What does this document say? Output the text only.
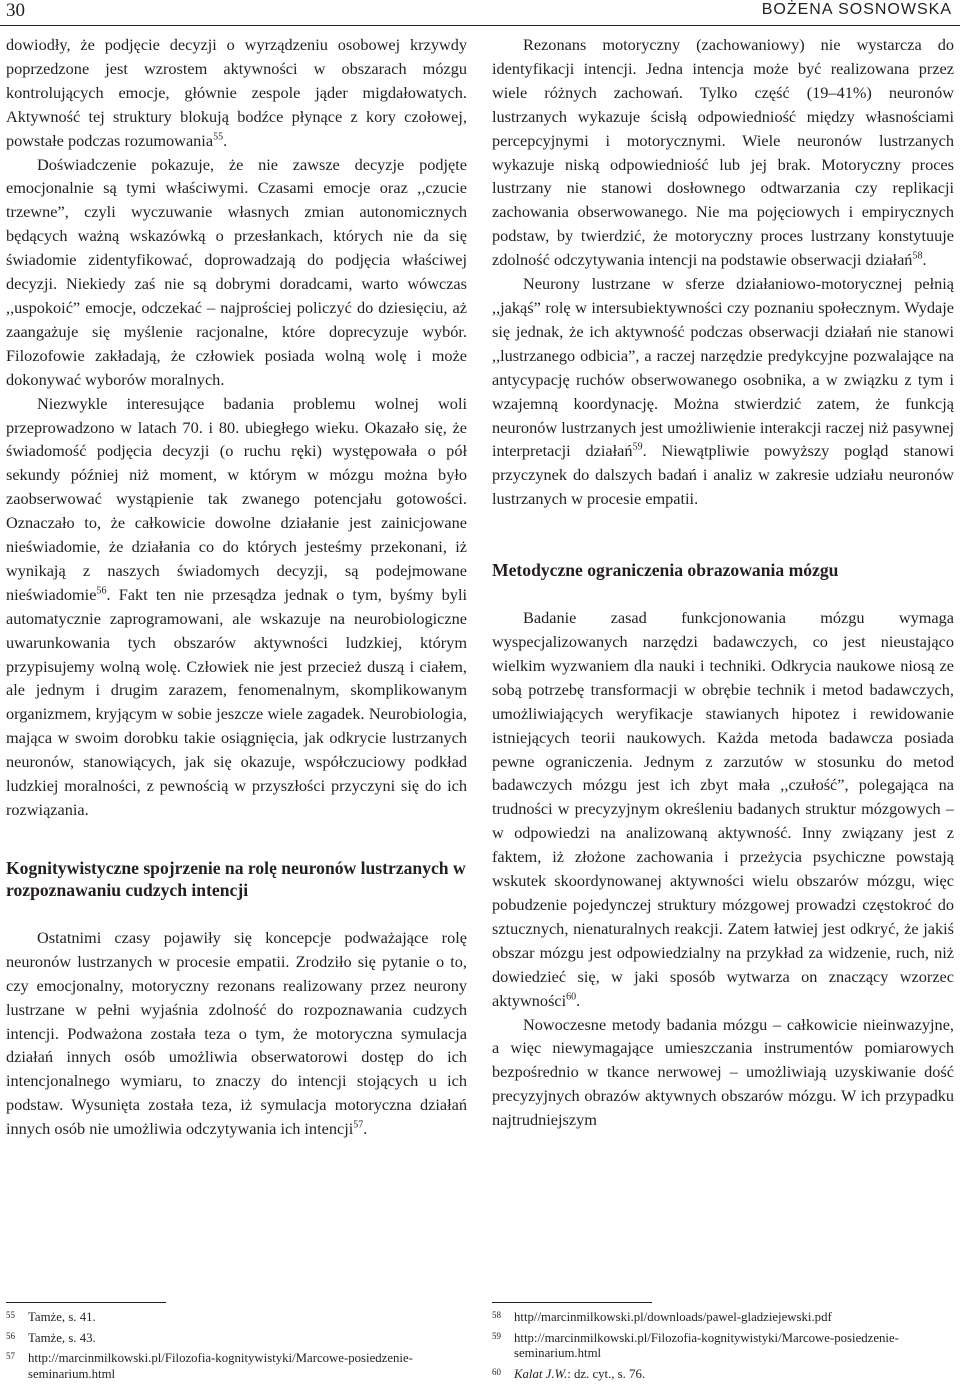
30	BOŻENA SOSNOWSKA

dowiodły, że podjęcie decyzji o wyrządzeniu osobowej krzywdy poprzedzone jest wzrostem aktywności w obszarach mózgu kontrolujących emocje, głównie zespole jąder migdałowatych. Aktywność tej struktury blokują bodźce płynące z kory czołowej, powstałe podczas rozumowania$^{55}$.

Doświadczenie pokazuje, że nie zawsze decyzje podjęte emocjonalnie są tymi właściwymi. Czasami emocje oraz ,,czucie trzewne”, czyli wyczuwanie własnych zmian autonomicznych będących ważną wskazówką o przesłankach, których nie da się świadomie zidentyfikować, doprowadzają do podjęcia właściwej decyzji. Niekiedy zaś nie są dobrymi doradcami, warto wówczas ,,uspokoić” emocje, odczekać – najprościej policzyć do dziesięciu, aż zaangażuje się myślenie racjonalne, które doprecyzuje wybór. Filozofowie zakładają, że człowiek posiada wolną wolę i może dokonywać wyborów moralnych.

Niezwykle interesujące badania problemu wolnej woli przeprowadzono w latach 70. i 80. ubiegłego wieku. Okazało się, że świadomość podjęcia decyzji (o ruchu ręki) występowała o pół sekundy później niż moment, w którym w mózgu można było zaobserwować wystąpienie tak zwanego potencjału gotowości. Oznaczało to, że całkowicie dowolne działanie jest zainicjowane nieświadomie, że działania co do których jesteśmy przekonani, iż wynikają z naszych świadomych decyzji, są podejmowane nieświadomie$^{56}$. Fakt ten nie przesądza jednak o tym, byśmy byli automatycznie zaprogramowani, ale wskazuje na neurobiologiczne uwarunkowania tych obszarów aktywności ludzkiej, którym przypisujemy wolną wolę. Człowiek nie jest przecież duszą i ciałem, ale jednym i drugim zarazem, fenomenalnym, skomplikowanym organizmem, kryjącym w sobie jeszcze wiele zagadek. Neurobiologia, mająca w swoim dorobku takie osiągnięcia, jak odkrycie lustrzanych neuronów, stanowiących, jak się okazuje, współczuciowy podkład ludzkiej moralności, z pewnością w przyszłości przyczyni się do ich rozwiązania.

Kognitywistyczne spojrzenie na rolę neuronów lustrzanych w rozpoznawaniu cudzych intencji

Ostatnimi czasy pojawiły się koncepcje podważające rolę neuronów lustrzanych w procesie empatii. Zrodziło się pytanie o to, czy emocjonalny, motoryczny rezonans realizowany przez neurony lustrzane w pełni wyjaśnia zdolność do rozpoznawania cudzych intencji. Podważona została teza o tym, że motoryczna symulacja działań innych osób umożliwia obserwatorowi dostęp do ich intencjonalnego wymiaru, to znaczy do intencji stojących u ich podstaw. Wysunięta została teza, iż symulacja motoryczna działań innych osób nie umożliwia odczytywania ich intencji$^{57}$.

Rezonans motoryczny (zachowaniowy) nie wystarcza do identyfikacji intencji. Jedna intencja może być realizowana przez wiele różnych zachowań. Tylko część (19–41%) neuronów lustrzanych wykazuje ścisłą odpowiedniość między własnościami percepcyjnymi i motorycznymi. Wiele neuronów lustrzanych wykazuje niską odpowiedniość lub jej brak. Motoryczny proces lustrzany nie stanowi dosłownego odtwarzania czy replikacji zachowania obserwowanego. Nie ma pojęciowych i empirycznych podstaw, by twierdzić, że motoryczny proces lustrzany konstytuuje zdolność odczytywania intencji na podstawie obserwacji działań$^{58}$.

Neurony lustrzane w sferze działaniowo-motorycznej pełnią ,,jakąś” rolę w intersubiektywności czy poznaniu społecznym. Wydaje się jednak, że ich aktywność podczas obserwacji działań nie stanowi ,,lustrzanego odbicia”, a raczej narzędzie predykcyjne pozwalające na antycypację ruchów obserwowanego osobnika, a w związku z tym i wzajemną koordynację. Można stwierdzić zatem, że funkcją neuronów lustrzanych jest umożliwienie interakcji raczej niż pasywnej interpretacji działań$^{59}$. Niewątpliwie powyższy pogląd stanowi przyczynek do dalszych badań i analiz w zakresie udziału neuronów lustrzanych w procesie empatii.

Metodyczne ograniczenia obrazowania mózgu

Badanie zasad funkcjonowania mózgu wymaga wyspecjalizowanych narzędzi badawczych, co jest nieustająco wielkim wyzwaniem dla nauki i techniki. Odkrycia naukowe niosą ze sobą potrzebę transformacji w obrębie technik i metod badawczych, umożliwiających weryfikacje stawianych hipotez i rewidowanie istniejących teorii naukowych. Każda metoda badawcza posiada pewne ograniczenia. Jednym z zarzutów w stosunku do metod badawczych mózgu jest ich zbyt mała ,,czułość”, polegająca na trudności w precyzyjnym określeniu badanych struktur mózgowych – w odpowiedzi na analizowaną aktywność. Inny związany jest z faktem, iż złożone zachowania i przeżycia psychiczne powstają wskutek skoordynowanej aktywności wielu obszarów mózgu, więc pobudzenie pojedynczej struktury mózgowej prowadzi częstokroć do sztucznych, nienaturalnych reakcji. Zatem łatwiej jest odkryć, że jakiś obszar mózgu jest odpowiedzialny na przykład za widzenie, ruch, niż dowiedzieć się, w jaki sposób wytwarza on znaczący wzorzec aktywności$^{60}$.

Nowoczesne metody badania mózgu – całkowicie nieinwazyjne, a więc niewymagające umieszczania instrumentów pomiarowych bezpośrednio w tkance nerwowej – umożliwiają uzyskiwanie dość precyzyjnych obrazów aktywnych obszarów mózgu. W ich przypadku najtrudniejszym

55	Tamże, s. 41.
56	Tamże, s. 43.
57	http://marcinmilkowski.pl/Filozofia-kognitywistyki/Marcowe-posiedzenie-seminarium.html
58	http//marcinmilkowski.pl/downloads/pawel-gladziejewski.pdf
59	http://marcinmilkowski.pl/Filozofia-kognitywistyki/Marcowe-posiedzenie-seminarium.html
60	Kalat J.W.: dz. cyt., s. 76.
